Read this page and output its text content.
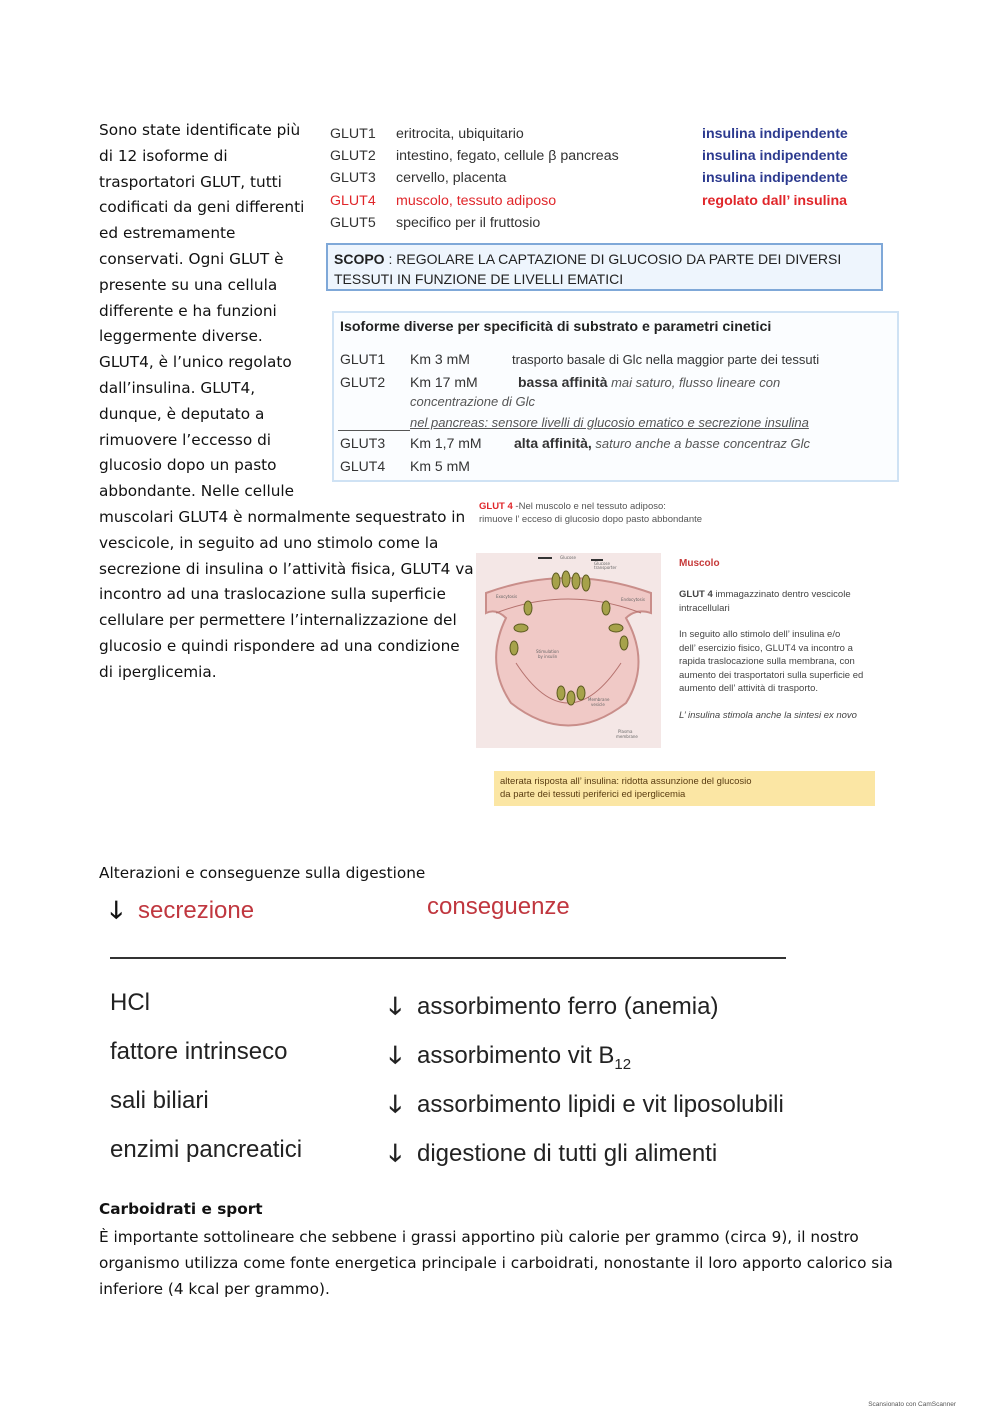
Sono state identificate più
di 12 isoforme di
trasportatori GLUT, tutti
codificati da geni differenti
ed estremamente
conservati. Ogni GLUT è
presente su una cellula
differente e ha funzioni
leggermente diverse.
GLUT4, è l’unico regolato
dall’insulina. GLUT4,
dunque, è deputato a
rimuovere l’eccesso di
glucosio dopo un pasto
abbondante. Nelle cellule
muscolari GLUT4 è normalmente sequestrato in
vescicole, in seguito ad uno stimolo come la
secrezione di insulina o l’attività fisica, GLUT4 va
incontro ad una traslocazione sulla superficie
cellulare per permettere l’internalizzazione del
glucosio e quindi rispondere ad una condizione
di iperglicemia.
GLUT1 eritrocita, ubiquitario	insulina indipendente
GLUT2 intestino, fegato, cellule β pancreas	insulina indipendente
GLUT3 cervello, placenta	insulina indipendente
GLUT4 muscolo, tessuto adiposo	regolato dall’ insulina
GLUT5 specifico per il fruttosio
SCOPO : REGOLARE LA CAPTAZIONE DI GLUCOSIO DA PARTE DEI DIVERSI
TESSUTI IN FUNZIONE DE LIVELLI EMATICI
Isoforme diverse per specificità di substrato e parametri cinetici
GLUT1 Km 3 mM	trasporto basale di Glc nella maggior parte dei tessuti
GLUT2 Km 17 mM	bassa affinità mai saturo, flusso lineare con
concentrazione di Glc
nel pancreas: sensore livelli di glucosio ematico e secrezione insulina
GLUT3 Km 1,7 mM alta affinità, saturo anche a basse concentraz Glc
GLUT4 Km 5 mM
GLUT 4 -Nel muscolo e nel tessuto adiposo:
rimuove l’ ecceso di glucosio dopo pasto abbondante
Exocytosis
Endocytosis
Stimulation
by insulin
Membrane
vesicle
Plasma
membrane
Glucose
Glucose
transporter	Muscolo
GLUT 4 immagazzinato dentro vescicole
intracellulari
In seguito allo stimolo dell’ insulina e/o
dell’ esercizio fisico, GLUT4 va incontro a
rapida traslocazione sulla membrana, con
aumento dei trasportatori sulla superficie ed
aumento dell’ attività di trasporto.
L’ insulina stimola anche la sintesi ex novo
alterata risposta all’ insulina: ridotta assunzione del glucosio
da parte dei tessuti periferici ed iperglicemia
Alterazioni e conseguenze sulla digestione
🡓 secrezione	conseguenze
HCl	🡓 assorbimento ferro (anemia)
fattore intrinseco	🡓 assorbimento vit $B_{12}$
sali biliari	🡓 assorbimento lipidi e vit liposolubili
enzimi pancreatici	🡓 digestione di tutti gli alimenti
Carboidrati e sport
È importante sottolineare che sebbene i grassi apportino più calorie per grammo (circa 9), il nostro
organismo utilizza come fonte energetica principale i carboidrati, nonostante il loro apporto calorico sia
inferiore (4 kcal per grammo).
Scansionato con CamScanner
